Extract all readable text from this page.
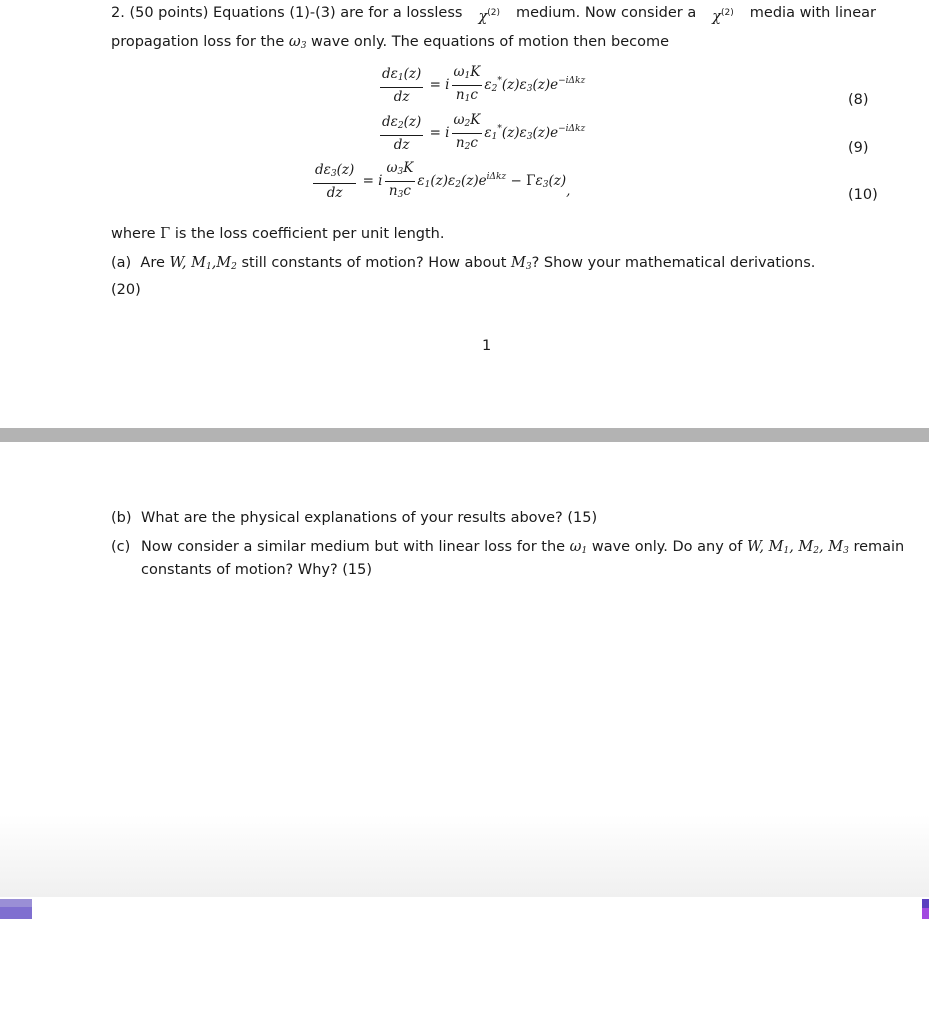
2. (50 points) Equations (1)-(3) are for a lossless $\chi^{(2)}$ medium. Now consider a $\chi^{(2)}$ media with linear
propagation loss for the $\omega_3$ wave only. The equations of motion then become
$\frac{d\varepsilon_1(z)}{dz} = i \frac{\omega_1K}{n_1c} \varepsilon_2^*(z)\varepsilon_3(z)e^{-i\Delta kz}$
(8)
$\frac{d\varepsilon_2(z)}{dz} = i \frac{\omega_2K}{n_2c} \varepsilon_1^*(z)\varepsilon_3(z)e^{-i\Delta kz}$
(9)
$\frac{d\varepsilon_3(z)}{dz} = i \frac{\omega_3K}{n_3c} \varepsilon_1(z)\varepsilon_2(z)e^{i\Delta kz} - \Gamma\varepsilon_3(z)$,	(10)
where Γ is the loss coefficient per unit length.
(a) Are W, $M_1,M_2$ still constants of motion? How about $M_3$? Show your mathematical derivations.
(20)
1
(b) What are the physical explanations of your results above? (15)
(c) Now consider a similar medium but with linear loss for the $\omega_1$ wave only. Do any of W, $M_1$, $M_2$, $M_3$ remain
constants of motion? Why? (15)
